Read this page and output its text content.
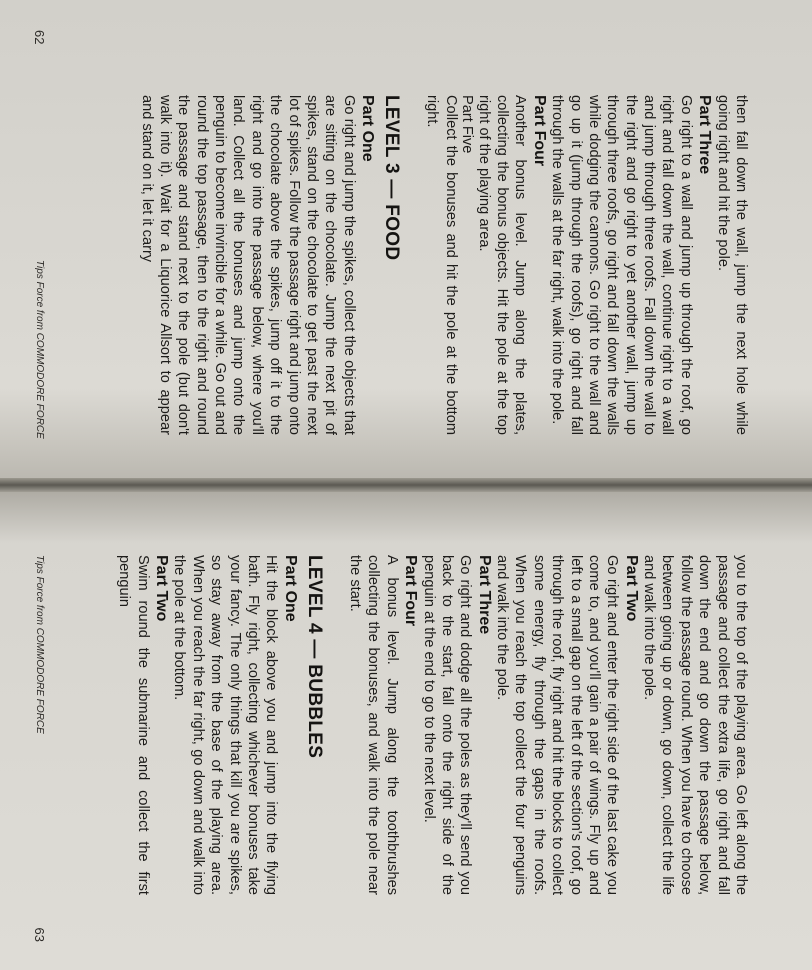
then fall down the wall, jump the next hole while going right and hit the pole.

Part Three

Go right to a wall and jump up through the roof, go right and fall down the wall, continue right to a wall and jump through three roofs. Fall down the wall to the right and go right to yet another wall, jump up through three roofs, go right and fall down the walls while dodging the cannons. Go right to the wall and go up it (jump through the roofs), go right and fall through the walls at the far right, walk into the pole.

Part Four

Another bonus level. Jump along the plates, collecting the bonus objects. Hit the pole at the top right of the playing area.

Part Five

Collect the bonuses and hit the pole at the bottom right.

LEVEL 3 — FOOD
Part One

Go right and jump the spikes, collect the objects that are sitting on the chocolate. Jump the next pit of spikes, stand on the chocolate to get past the next lot of spikes. Follow the passage right and jump onto the chocolate above the spikes, jump off it to the right and go into the passage below, where you'll land. Collect all the bonuses and jump onto the penguin to become invincible for a while. Go out and round the top passage, then to the right and round the passage and stand next to the pole (but don't walk into it). Wait for a Liquorice Allsort to appear and stand on it, let it carry

Tips Force from COMMODORE FORCE
62

you to the top of the playing area. Go left along the passage and collect the extra life, go right and fall down the end and go down the passage below, follow the passage round. When you have to choose between going up or down, go down, collect the life and walk into the pole.

Part Two

Go right and enter the right side of the last cake you come to, and you'll gain a pair of wings. Fly up and left to a small gap on the left of the section's roof, go through the roof, fly right and hit the blocks to collect some energy, fly through the gaps in the roofs. When you reach the top collect the four penguins and walk into the pole.

Part Three

Go right and dodge all the poles as they'll send you back to the start, fall onto the right side of the penguin at the end to go to the next level.

Part Four

A bonus level. Jump along the toothbrushes collecting the bonuses, and walk into the pole near the start.

LEVEL 4 — BUBBLES
Part One

Hit the block above you and jump into the flying bath. Fly right, collecting whichever bonuses take your fancy. The only things that kill you are spikes, so stay away from the base of the playing area. When you reach the far right, go down and walk into the pole at the bottom.

Part Two

Swim round the submarine and collect the first penguin

Tips Force from COMMODORE FORCE
63
